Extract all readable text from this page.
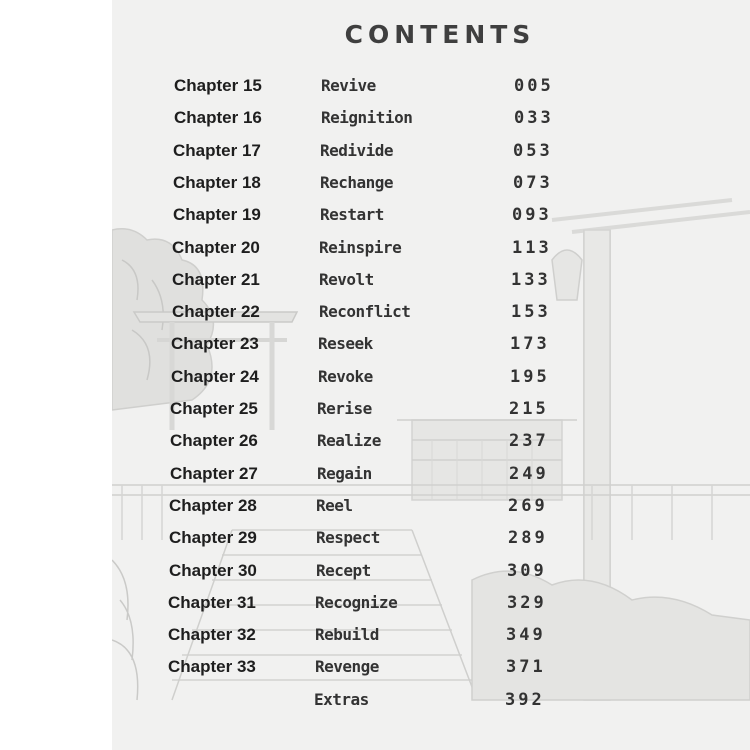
CONTENTS
Chapter 15	Revive	005
Chapter 16	Reignition	033
Chapter 17	Redivide	053
Chapter 18	Rechange	073
Chapter 19	Restart	093
Chapter 20	Reinspire	113
Chapter 21	Revolt	133
Chapter 22	Reconflict	153
Chapter 23	Reseek	173
Chapter 24	Revoke	195
Chapter 25	Rerise	215
Chapter 26	Realize	237
Chapter 27	Regain	249
Chapter 28	Reel	269
Chapter 29	Respect	289
Chapter 30	Recept	309
Chapter 31	Recognize	329
Chapter 32	Rebuild	349
Chapter 33	Revenge	371
Extras	392
